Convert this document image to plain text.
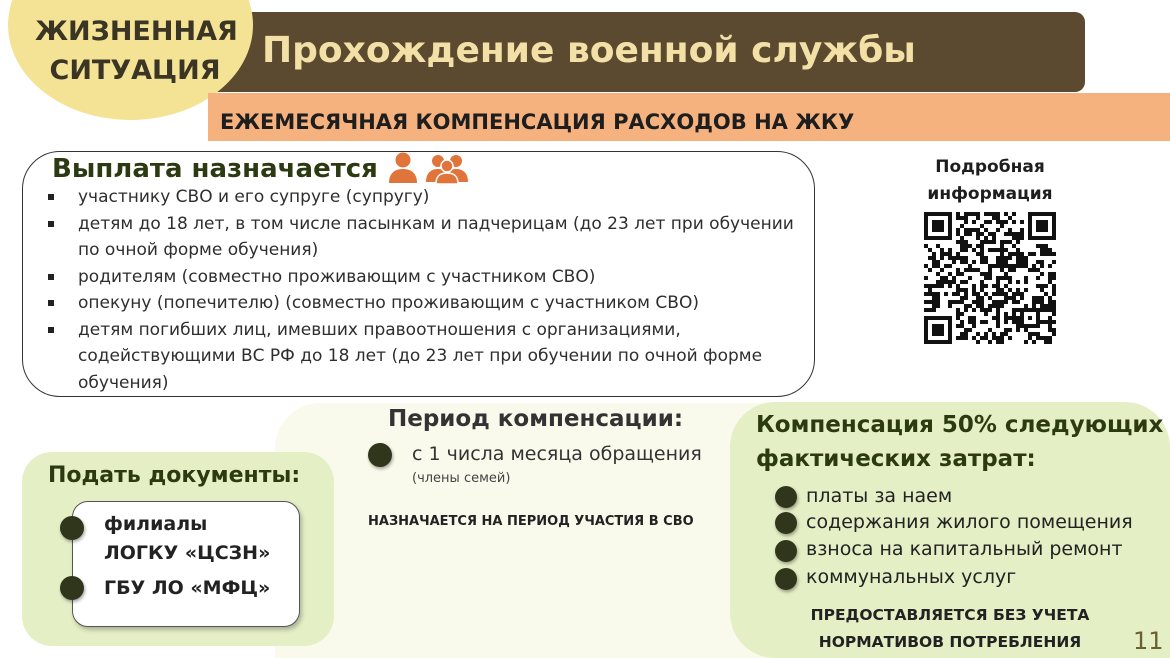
ЖИЗНЕННАЯ
СИТУАЦИЯ	Прохождение военной службы
ЕЖЕМЕСЯЧНАЯ КОМПЕНСАЦИЯ РАСХОДОВ НА ЖКУ
Выплата назначается
участнику СВО и его супруге (супругу)
детям до 18 лет, в том числе пасынкам и падчерицам (до 23 лет при обучении по очной форме обучения)
родителям (совместно проживающим с участником СВО)
опекуну (попечителю) (совместно проживающим с участником СВО)
детям погибших лиц, имевших правоотношения с организациями, содействующими ВС РФ до 18 лет (до 23 лет при обучении по очной форме обучения)
Подробная информация
Период компенсации:
с 1 числа месяца обращения
(члены семей)
НАЗНАЧАЕТСЯ НА ПЕРИОД УЧАСТИЯ В СВО
Подать документы:
филиалы
ЛОГКУ «ЦСЗН»
ГБУ ЛО «МФЦ»
Компенсация 50% следующих
фактических затрат:
платы за наем
содержания жилого помещения
взноса на капитальный ремонт
коммунальных услуг
ПРЕДОСТАВЛЯЕТСЯ БЕЗ УЧЕТА
НОРМАТИВОВ ПОТРЕБЛЕНИЯ	11
